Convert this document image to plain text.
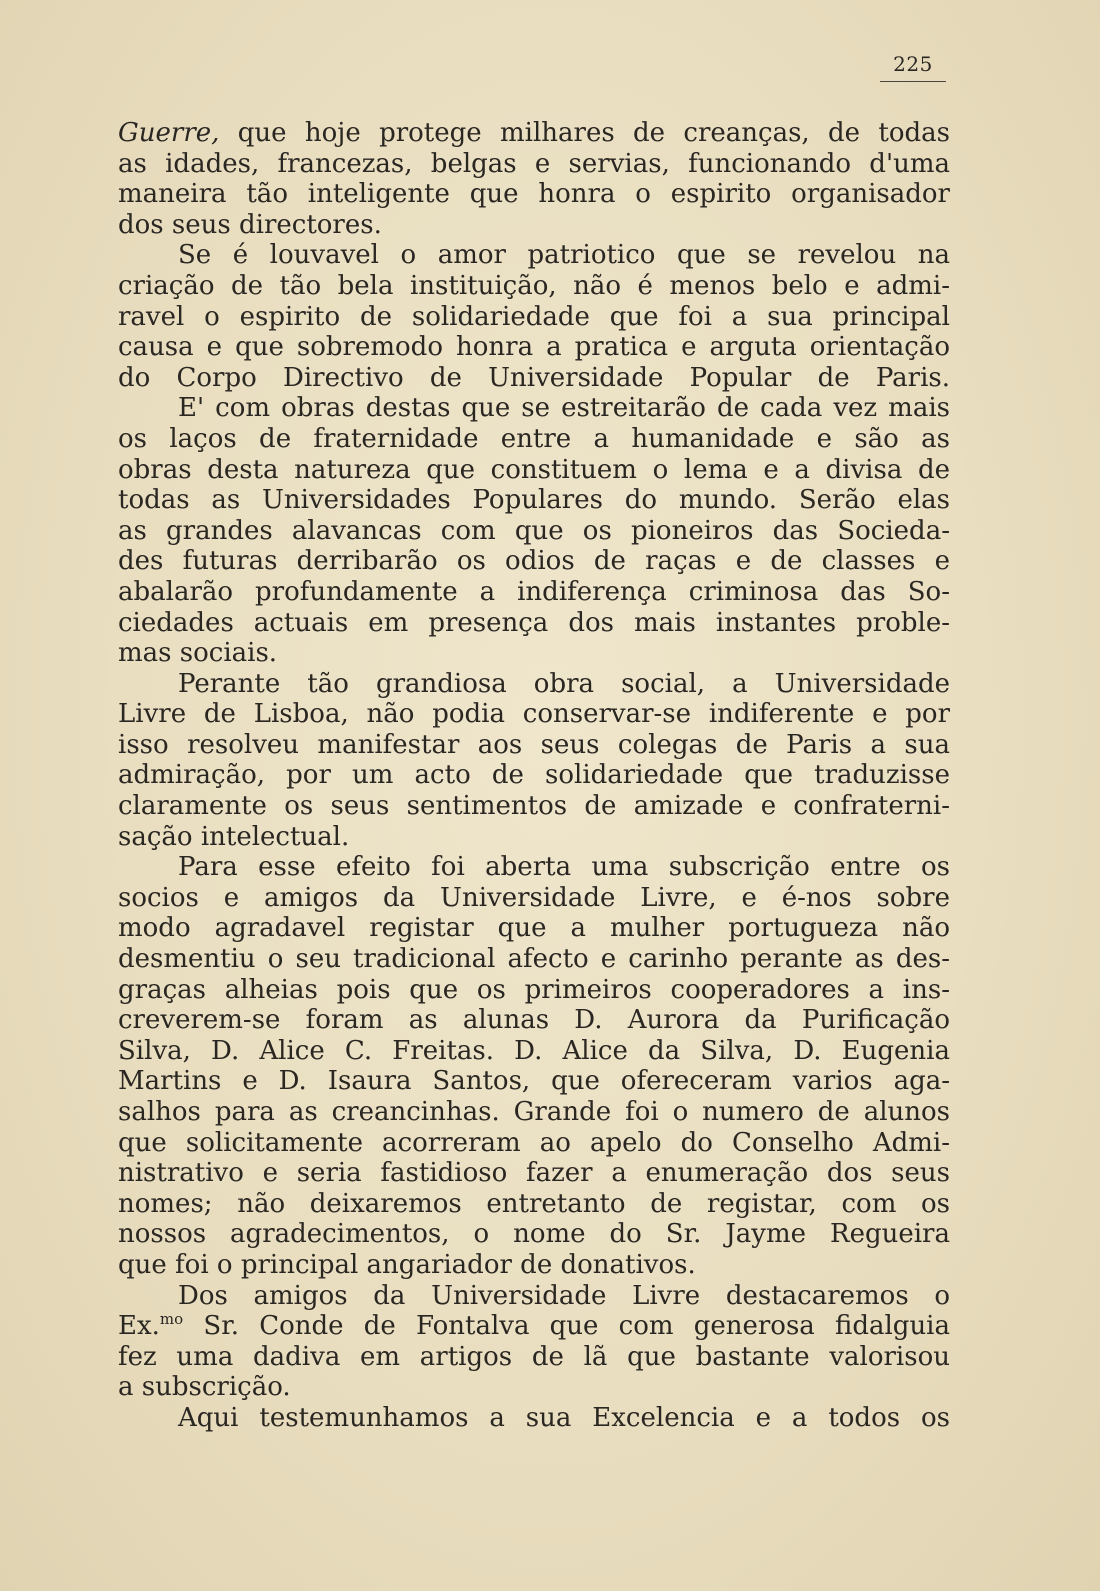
225
Guerre, que hoje protege milhares de creanças, de todas
as idades, francezas, belgas e servias, funcionando d'uma
maneira tão inteligente que honra o espirito organisador
dos seus directores.
Se é louvavel o amor patriotico que se revelou na
criação de tão bela instituição, não é menos belo e admi-
ravel o espirito de solidariedade que foi a sua principal
causa e que sobremodo honra a pratica e arguta orientação
do Corpo Directivo de Universidade Popular de Paris.
E' com obras destas que se estreitarão de cada vez mais
os laços de fraternidade entre a humanidade e são as
obras desta natureza que constituem o lema e a divisa de
todas as Universidades Populares do mundo. Serão elas
as grandes alavancas com que os pioneiros das Socieda-
des futuras derribarão os odios de raças e de classes e
abalarão profundamente a indiferença criminosa das So-
ciedades actuais em presença dos mais instantes proble-
mas sociais.
Perante tão grandiosa obra social, a Universidade
Livre de Lisboa, não podia conservar-se indiferente e por
isso resolveu manifestar aos seus colegas de Paris a sua
admiração, por um acto de solidariedade que traduzisse
claramente os seus sentimentos de amizade e confraterni-
sação intelectual.
Para esse efeito foi aberta uma subscrição entre os
socios e amigos da Universidade Livre, e é-nos sobre
modo agradavel registar que a mulher portugueza não
desmentiu o seu tradicional afecto e carinho perante as des-
graças alheias pois que os primeiros cooperadores a ins-
creverem-se foram as alunas D. Aurora da Purificação
Silva, D. Alice C. Freitas. D. Alice da Silva, D. Eugenia
Martins e D. Isaura Santos, que ofereceram varios aga-
salhos para as creancinhas. Grande foi o numero de alunos
que solicitamente acorreram ao apelo do Conselho Admi-
nistrativo e seria fastidioso fazer a enumeração dos seus
nomes; não deixaremos entretanto de registar, com os
nossos agradecimentos, o nome do Sr. Jayme Regueira
que foi o principal angariador de donativos.
Dos amigos da Universidade Livre destacaremos o
Ex.$^{mo}$ Sr. Conde de Fontalva que com generosa fidalguia
fez uma dadiva em artigos de lã que bastante valorisou
a subscrição.
Aqui testemunhamos a sua Excelencia e a todos os
